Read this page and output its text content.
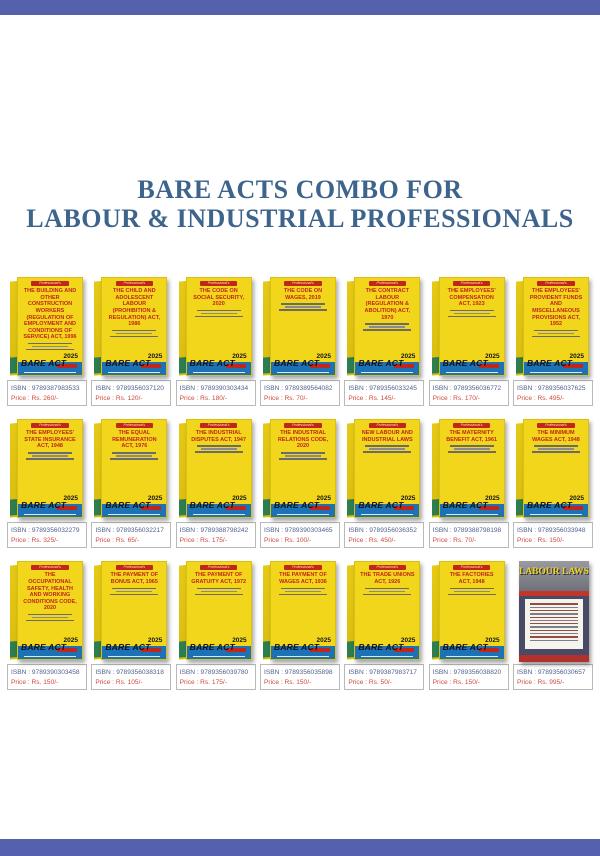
BARE ACTS COMBO FOR
LABOUR & INDUSTRIAL PROFESSIONALS
Professional's
THE BUILDING AND OTHER CONSTRUCTION WORKERS (REGULATION OF EMPLOYMENT AND CONDITIONS OF SERVICE) ACT, 1996
2025
BARE ACT
ISBN : 9789387983533
Price : Rs. 260/-
Professional's
THE CHILD AND ADOLESCENT LABOUR (PROHIBITION & REGULATION) ACT, 1986
2025
BARE ACT
ISBN : 9789356037120
Price : Rs. 120/-
Professional's
THE CODE ON SOCIAL SECURITY, 2020
2025
BARE ACT
ISBN : 9789390303434
Price : Rs. 180/-
Professional's
THE CODE ON WAGES, 2019
2025
BARE ACT
ISBN : 9789389564082
Price : Rs. 70/-
Professional's
THE CONTRACT LABOUR (REGULATION & ABOLITION) ACT, 1970
2025
BARE ACT
ISBN : 9789356033245
Price : Rs. 145/-
Professional's
THE EMPLOYEES' COMPENSATION ACT, 1923
2025
BARE ACT
ISBN : 9789356036772
Price : Rs. 170/-
Professional's
THE EMPLOYEES' PROVIDENT FUNDS AND MISCELLANEOUS PROVISIONS ACT, 1952
2025
BARE ACT
ISBN : 9789356037625
Price : Rs. 495/-
Professional's
THE EMPLOYEES' STATE INSURANCE ACT, 1948
2025
BARE ACT
ISBN : 9789356032279
Price : Rs. 325/-
Professional's
THE EQUAL REMUNERATION ACT, 1976
2025
BARE ACT
ISBN : 9789356032217
Price : Rs. 65/-
Professional's
THE INDUSTRIAL DISPUTES ACT, 1947
2025
BARE ACT
ISBN : 9789388798242
Price : Rs. 175/-
Professional's
THE INDUSTRIAL RELATIONS CODE, 2020
2025
BARE ACT
ISBN : 9789390303465
Price : Rs. 100/-
Professional's
NEW LABOUR AND INDUSTRIAL LAWS
2025
BARE ACT
ISBN : 9789356036352
Price : Rs. 450/-
Professional's
THE MATERNITY BENEFIT ACT, 1961
2025
BARE ACT
ISBN : 9789388798198
Price : Rs. 70/-
Professional's
THE MINIMUM WAGES ACT, 1948
2025
BARE ACT
ISBN : 9789356033948
Price : Rs. 150/-
Professional's
THE OCCUPATIONAL SAFETY, HEALTH AND WORKING CONDITIONS CODE, 2020
2025
BARE ACT
ISBN : 9789390303458
Price : Rs. 150/-
Professional's
THE PAYMENT OF BONUS ACT, 1965
2025
BARE ACT
ISBN : 9789356038318
Price : Rs. 105/-
Professional's
THE PAYMENT OF GRATUITY ACT, 1972
2025
BARE ACT
ISBN : 9789356039780
Price : Rs. 175/-
Professional's
THE PAYMENT OF WAGES ACT, 1936
2025
BARE ACT
ISBN : 9789356035898
Price : Rs. 150/-
Professional's
THE TRADE UNIONS ACT, 1926
2025
BARE ACT
ISBN : 9789387983717
Price : Rs. 50/-
Professional's
THE FACTORIES ACT, 1948
2025
BARE ACT
ISBN : 9789356038820
Price : Rs. 150/-
LABOUR LAWS
ISBN : 9789356030657
Price : Rs. 995/-
